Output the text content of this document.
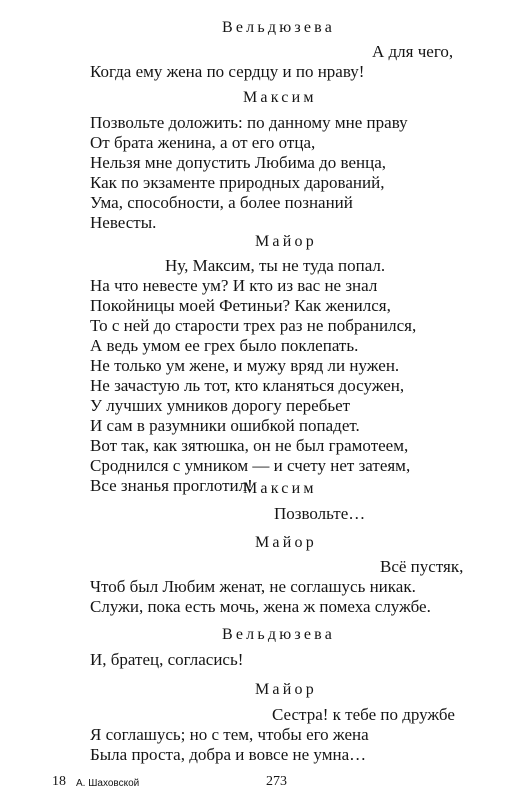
Вельдюзева
А для чего,
Когда ему жена по сердцу и по нраву!
Максим
Позвольте доложить: по данному мне праву
От брата женина, а от его отца,
Нельзя мне допустить Любима до венца,
Как по экзаменте природных дарований,
Ума, способности, а более познаний
Невесты.
Майор
Ну, Максим, ты не туда попал.
На что невесте ум? И кто из вас не знал
Покойницы моей Фетиньи? Как женился,
То с ней до старости трех раз не побранился,
А ведь умом ее грех было поклепать.
Не только ум жене, и мужу вряд ли нужен.
Не зачастую ль тот, кто кланяться досужен,
У лучших умников дорогу перебьет
И сам в разумники ошибкой попадет.
Вот так, как зятюшка, он не был грамотеем,
Сроднился с умником — и счету нет затеям,
Все знанья проглотил!
Максим
Позвольте…
Майор
Всё пустяк,
Чтоб был Любим женат, не соглашусь никак.
Служи, пока есть мочь, жена ж помеха службе.
Вельдюзева
И, братец, согласись!
Майор
Сестра! к тебе по дружбе
Я соглашусь; но с тем, чтобы его жена
Была проста, добра и вовсе не умна…
18 А. Шаховской	273
